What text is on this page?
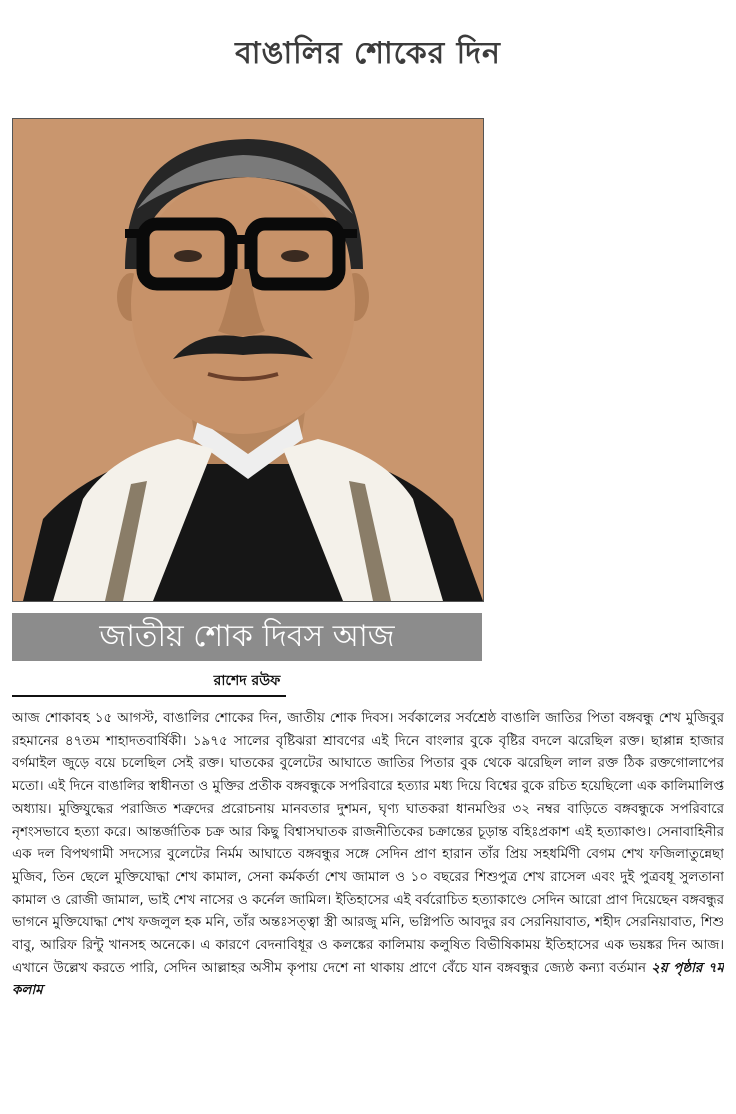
বাঙালির শোকের দিন
জাতীয় শোক দিবস আজ
রাশেদ রউফ
আজ শোকাবহ ১৫ আগস্ট, বাঙালির শোকের দিন, জাতীয় শোক দিবস। সর্বকালের সর্বশ্রেষ্ঠ বাঙালি জাতির পিতা বঙ্গবন্ধু শেখ মুজিবুর রহমানের ৪৭তম শাহাদতবার্ষিকী। ১৯৭৫ সালের বৃষ্টিঝরা শ্রাবণের এই দিনে বাংলার বুকে বৃষ্টির বদলে ঝরেছিল রক্ত। ছাপ্পান্ন হাজার বর্গমাইল জুড়ে বয়ে চলেছিল সেই রক্ত। ঘাতকের বুলেটের আঘাতে জাতির পিতার বুক থেকে ঝরেছিল লাল রক্ত ঠিক রক্তগোলাপের মতো। এই দিনে বাঙালির স্বাধীনতা ও মুক্তির প্রতীক বঙ্গবন্ধুকে সপরিবারে হত্যার মধ্য দিয়ে বিশ্বের বুকে রচিত হয়েছিলো এক কালিমালিপ্ত অধ্যায়। মুক্তিযুদ্ধের পরাজিত শত্রুদের প্ররোচনায় মানবতার দুশমন, ঘৃণ্য ঘাতকরা ধানমণ্ডির ৩২ নম্বর বাড়িতে বঙ্গবন্ধুকে সপরিবারে নৃশংসভাবে হত্যা করে। আন্তর্জাতিক চক্র আর কিছু বিশ্বাসঘাতক রাজনীতিকের চক্রান্তের চূড়ান্ত বহিঃপ্রকাশ এই হত্যাকাণ্ড। সেনাবাহিনীর এক দল বিপথগামী সদস্যের বুলেটের নির্মম আঘাতে বঙ্গবন্ধুর সঙ্গে সেদিন প্রাণ হারান তাঁর প্রিয় সহধর্মিণী বেগম শেখ ফজিলাতুন্নেছা মুজিব, তিন ছেলে মুক্তিযোদ্ধা শেখ কামাল, সেনা কর্মকর্তা শেখ জামাল ও ১০ বছরের শিশুপুত্র শেখ রাসেল এবং দুই পুত্রবধূ সুলতানা কামাল ও রোজী জামাল, ভাই শেখ নাসের ও কর্নেল জামিল। ইতিহাসের এই বর্বরোচিত হত্যাকাণ্ডে সেদিন আরো প্রাণ দিয়েছেন বঙ্গবন্ধুর ভাগনে মুক্তিযোদ্ধা শেখ ফজলুল হক মনি, তাঁর অন্তঃসত্ত্বা স্ত্রী আরজু মনি, ভগ্নিপতি আবদুর রব সেরনিয়াবাত, শহীদ সেরনিয়াবাত, শিশু বাবু, আরিফ রিন্টু খানসহ অনেকে। এ কারণে বেদনাবিধূর ও কলঙ্কের কালিমায় কলুষিত বিভীষিকাময় ইতিহাসের এক ভয়ঙ্কর দিন আজ। এখানে উল্লেখ করতে পারি, সেদিন আল্লাহর অসীম কৃপায় দেশে না থাকায় প্রাণে বেঁচে যান বঙ্গবন্ধুর জ্যেষ্ঠ কন্যা বর্তমান ২য় পৃষ্ঠার ৭ম কলাম
